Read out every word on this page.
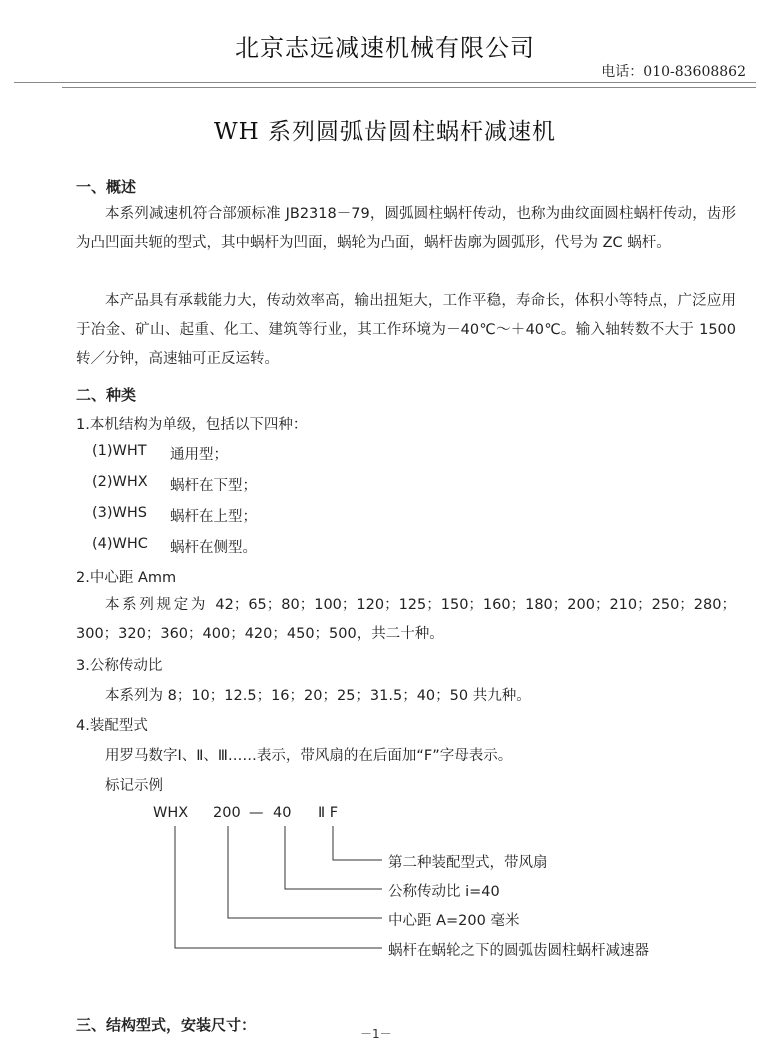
北京志远减速机械有限公司
电话：010-83608862
WH 系列圆弧齿圆柱蜗杆减速机
一、概述
本系列减速机符合部颁标准 JB2318－79，圆弧圆柱蜗杆传动，也称为曲纹面圆柱蜗杆传动，齿形为凸凹面共轭的型式，其中蜗杆为凹面，蜗轮为凸面，蜗杆齿廓为圆弧形，代号为 ZC 蜗杆。
本产品具有承载能力大，传动效率高，输出扭矩大，工作平稳，寿命长，体积小等特点，广泛应用于冶金、矿山、起重、化工、建筑等行业，其工作环境为－40℃～＋40℃。输入轴转数不大于 1500 转／分钟，高速轴可正反运转。
二、种类
1.本机结构为单级，包括以下四种：
(1)WHT 通用型；
(2)WHX 蜗杆在下型；
(3)WHS 蜗杆在上型；
(4)WHC 蜗杆在侧型。
2.中心距 Amm
本系列规定为 42；65；80；100；120；125；150；160；180；200；210；250；280；300；320；360；400；420；450；500，共二十种。
3.公称传动比
本系列为 8；10；12.5；16；20；25；31.5；40；50 共九种。
4.装配型式
用罗马数字Ⅰ、Ⅱ、Ⅲ……表示，带风扇的在后面加“F”字母表示。
标记示例
WHX 200 — 40 Ⅱ F
第二种装配型式，带风扇
公称传动比 i=40
中心距 A=200 毫米
蜗杆在蜗轮之下的圆弧齿圆柱蜗杆减速器
三、结构型式，安装尺寸：	－1－
